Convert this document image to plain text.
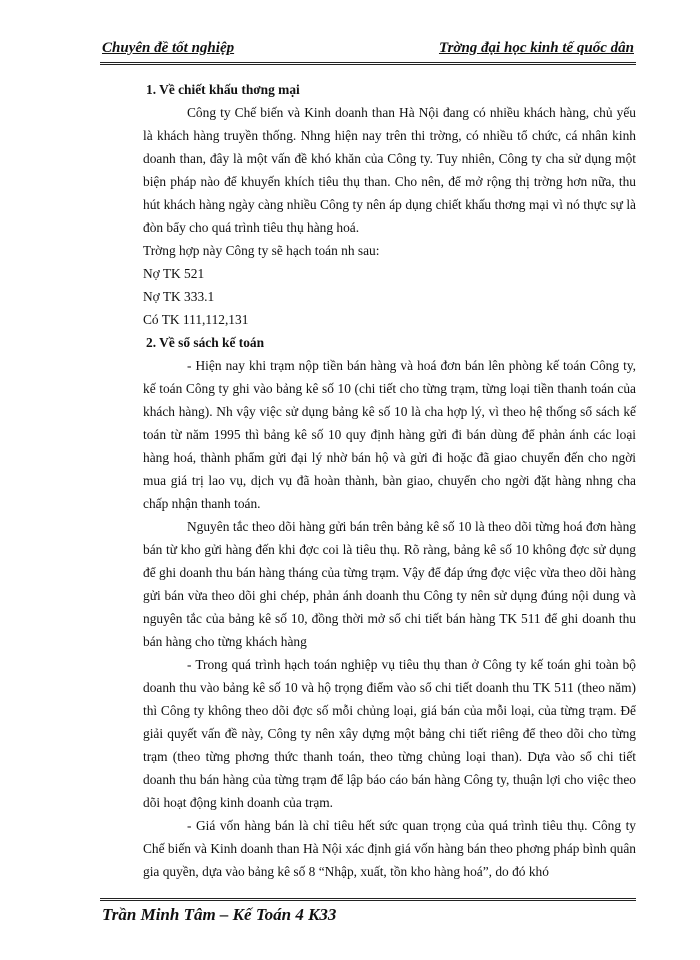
Chuyên đề tốt nghiệp	Trờng đại học kinh tế quốc dân

1. Về chiết khấu thơng mại

Công ty Chế biến và Kinh doanh than Hà Nội đang có nhiều khách hàng, chủ yếu là khách hàng truyền thống. Nhng hiện nay trên thi trờng, có nhiều tổ chức, cá nhân kinh doanh than, đây là một vấn đề khó khăn của Công ty. Tuy nhiên, Công ty cha sử dụng một biện pháp nào để khuyến khích tiêu thụ than. Cho nên, để mở rộng thị trờng hơn nữa, thu hút khách hàng ngày càng nhiều Công ty nên áp dụng chiết khấu thơng mại vì nó thực sự là đòn bẩy cho quá trình tiêu thụ hàng hoá.

Trờng hợp này Công ty sẽ hạch toán nh sau:

Nợ TK 521

Nợ TK 333.1

Có TK 111,112,131

2. Về sổ sách kế toán

- Hiện nay khi trạm nộp tiền bán hàng và hoá đơn bán lên phòng kế toán Công ty, kế toán Công ty ghi vào bảng kê số 10 (chi tiết cho từng trạm, từng loại tiền thanh toán của khách hàng). Nh vậy việc sử dụng bảng kê số 10 là cha hợp lý, vì theo hệ thống sổ sách kế toán từ năm 1995 thì bảng kê số 10 quy định hàng gửi đi bán dùng để phản ánh các loại hàng hoá, thành phẩm gửi đại lý nhờ bán hộ và gửi đi hoặc đã giao chuyển đến cho ngời mua giá trị lao vụ, dịch vụ đã hoàn thành, bàn giao, chuyển cho ngời đặt hàng nhng cha chấp nhận thanh toán.

Nguyên tắc theo dõi hàng gửi bán trên bảng kê số 10 là theo dõi từng hoá đơn hàng bán từ kho gửi hàng đến khi đợc coi là tiêu thụ. Rõ ràng, bảng kê số 10 không đợc sử dụng để ghi doanh thu bán hàng tháng của từng trạm. Vậy để đáp ứng đợc việc vừa theo dõi hàng gửi bán vừa theo dõi ghi chép, phản ánh doanh thu Công ty nên sử dụng đúng nội dung và nguyên tắc của bảng kê số 10, đồng thời mở sổ chi tiết bán hàng TK 511 để ghi doanh thu bán hàng cho từng khách hàng

- Trong quá trình hạch toán nghiệp vụ tiêu thụ than ở Công ty kế toán ghi toàn bộ doanh thu vào bảng kê số 10 và hộ trọng điểm vào sổ chi tiết doanh thu TK 511 (theo năm) thì Công ty không theo dõi đợc số mỗi chủng loại, giá bán của mỗi loại, của từng trạm. Để giải quyết vấn đề này, Công ty nên xây dựng một bảng chi tiết riêng để theo dõi cho từng trạm (theo từng phơng thức thanh toán, theo từng chủng loại than). Dựa vào sổ chi tiết doanh thu bán hàng của từng trạm để lập báo cáo bán hàng Công ty, thuận lợi cho việc theo dõi hoạt động kinh doanh của trạm.

- Giá vốn hàng bán là chỉ tiêu hết sức quan trọng của quá trình tiêu thụ. Công ty Chế biến và Kinh doanh than Hà Nội xác định giá vốn hàng bán theo phơng pháp bình quân gia quyền, dựa vào bảng kê số 8 “Nhập, xuất, tồn kho hàng hoá”, do đó khó

Trần Minh Tâm – Kế Toán 4 K33
